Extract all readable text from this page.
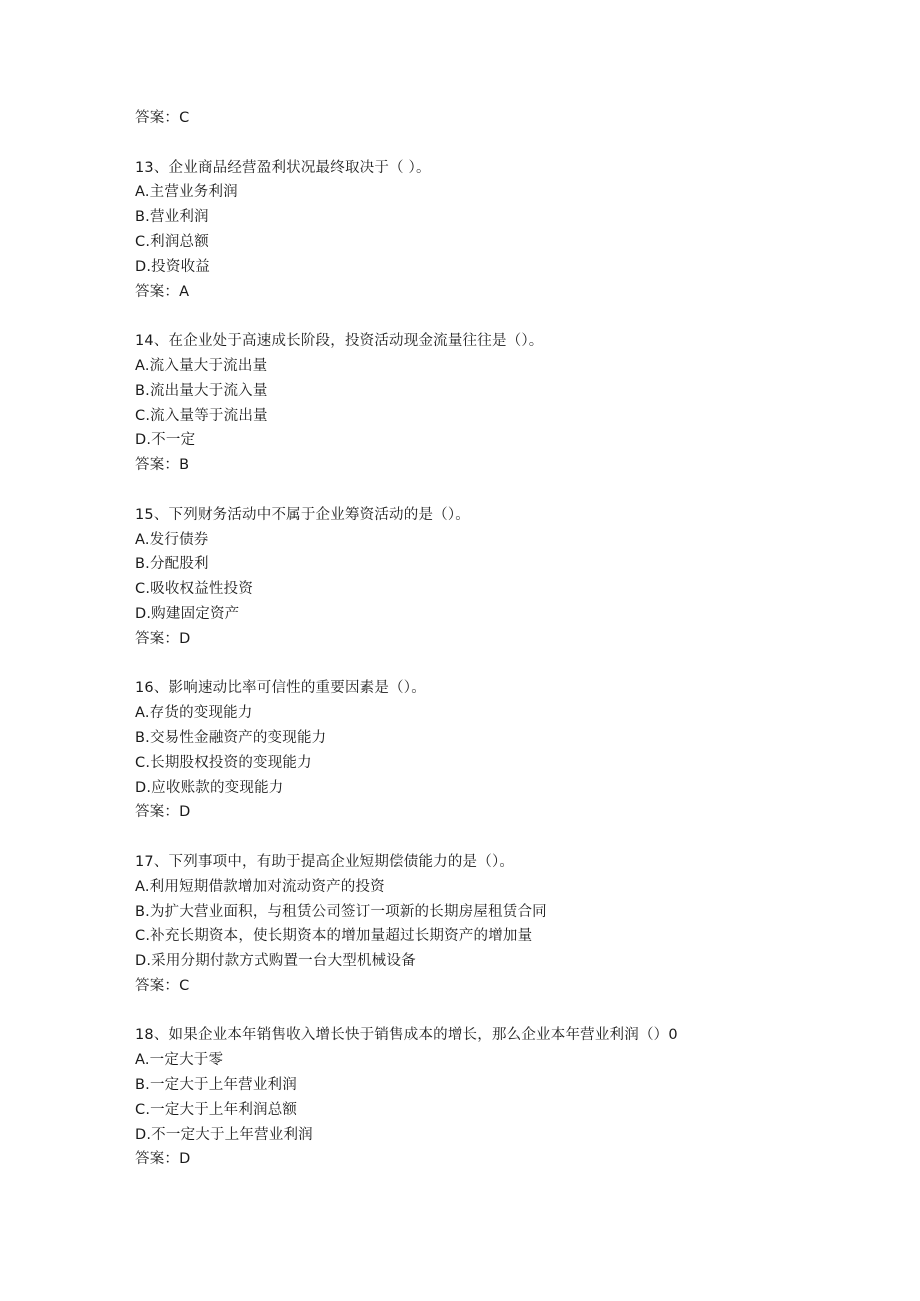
答案：C
13、企业商品经营盈利状况最终取决于（ ）。
A.主营业务利润
B.营业利润
C.利润总额
D.投资收益
答案：A
14、在企业处于高速成长阶段，投资活动现金流量往往是（）。
A.流入量大于流出量
B.流出量大于流入量
C.流入量等于流出量
D.不一定
答案：B
15、下列财务活动中不属于企业筹资活动的是（）。
A.发行债券
B.分配股利
C.吸收权益性投资
D.购建固定资产
答案：D
16、影响速动比率可信性的重要因素是（）。
A.存货的变现能力
B.交易性金融资产的变现能力
C.长期股权投资的变现能力
D.应收账款的变现能力
答案：D
17、下列事项中，有助于提高企业短期偿债能力的是（）。
A.利用短期借款增加对流动资产的投资
B.为扩大营业面积，与租赁公司签订一项新的长期房屋租赁合同
C.补充长期资本，使长期资本的增加量超过长期资产的增加量
D.采用分期付款方式购置一台大型机械设备
答案：C
18、如果企业本年销售收入增长快于销售成本的增长，那么企业本年营业利润（）0
A.一定大于零
B.一定大于上年营业利润
C.一定大于上年利润总额
D.不一定大于上年营业利润
答案：D
